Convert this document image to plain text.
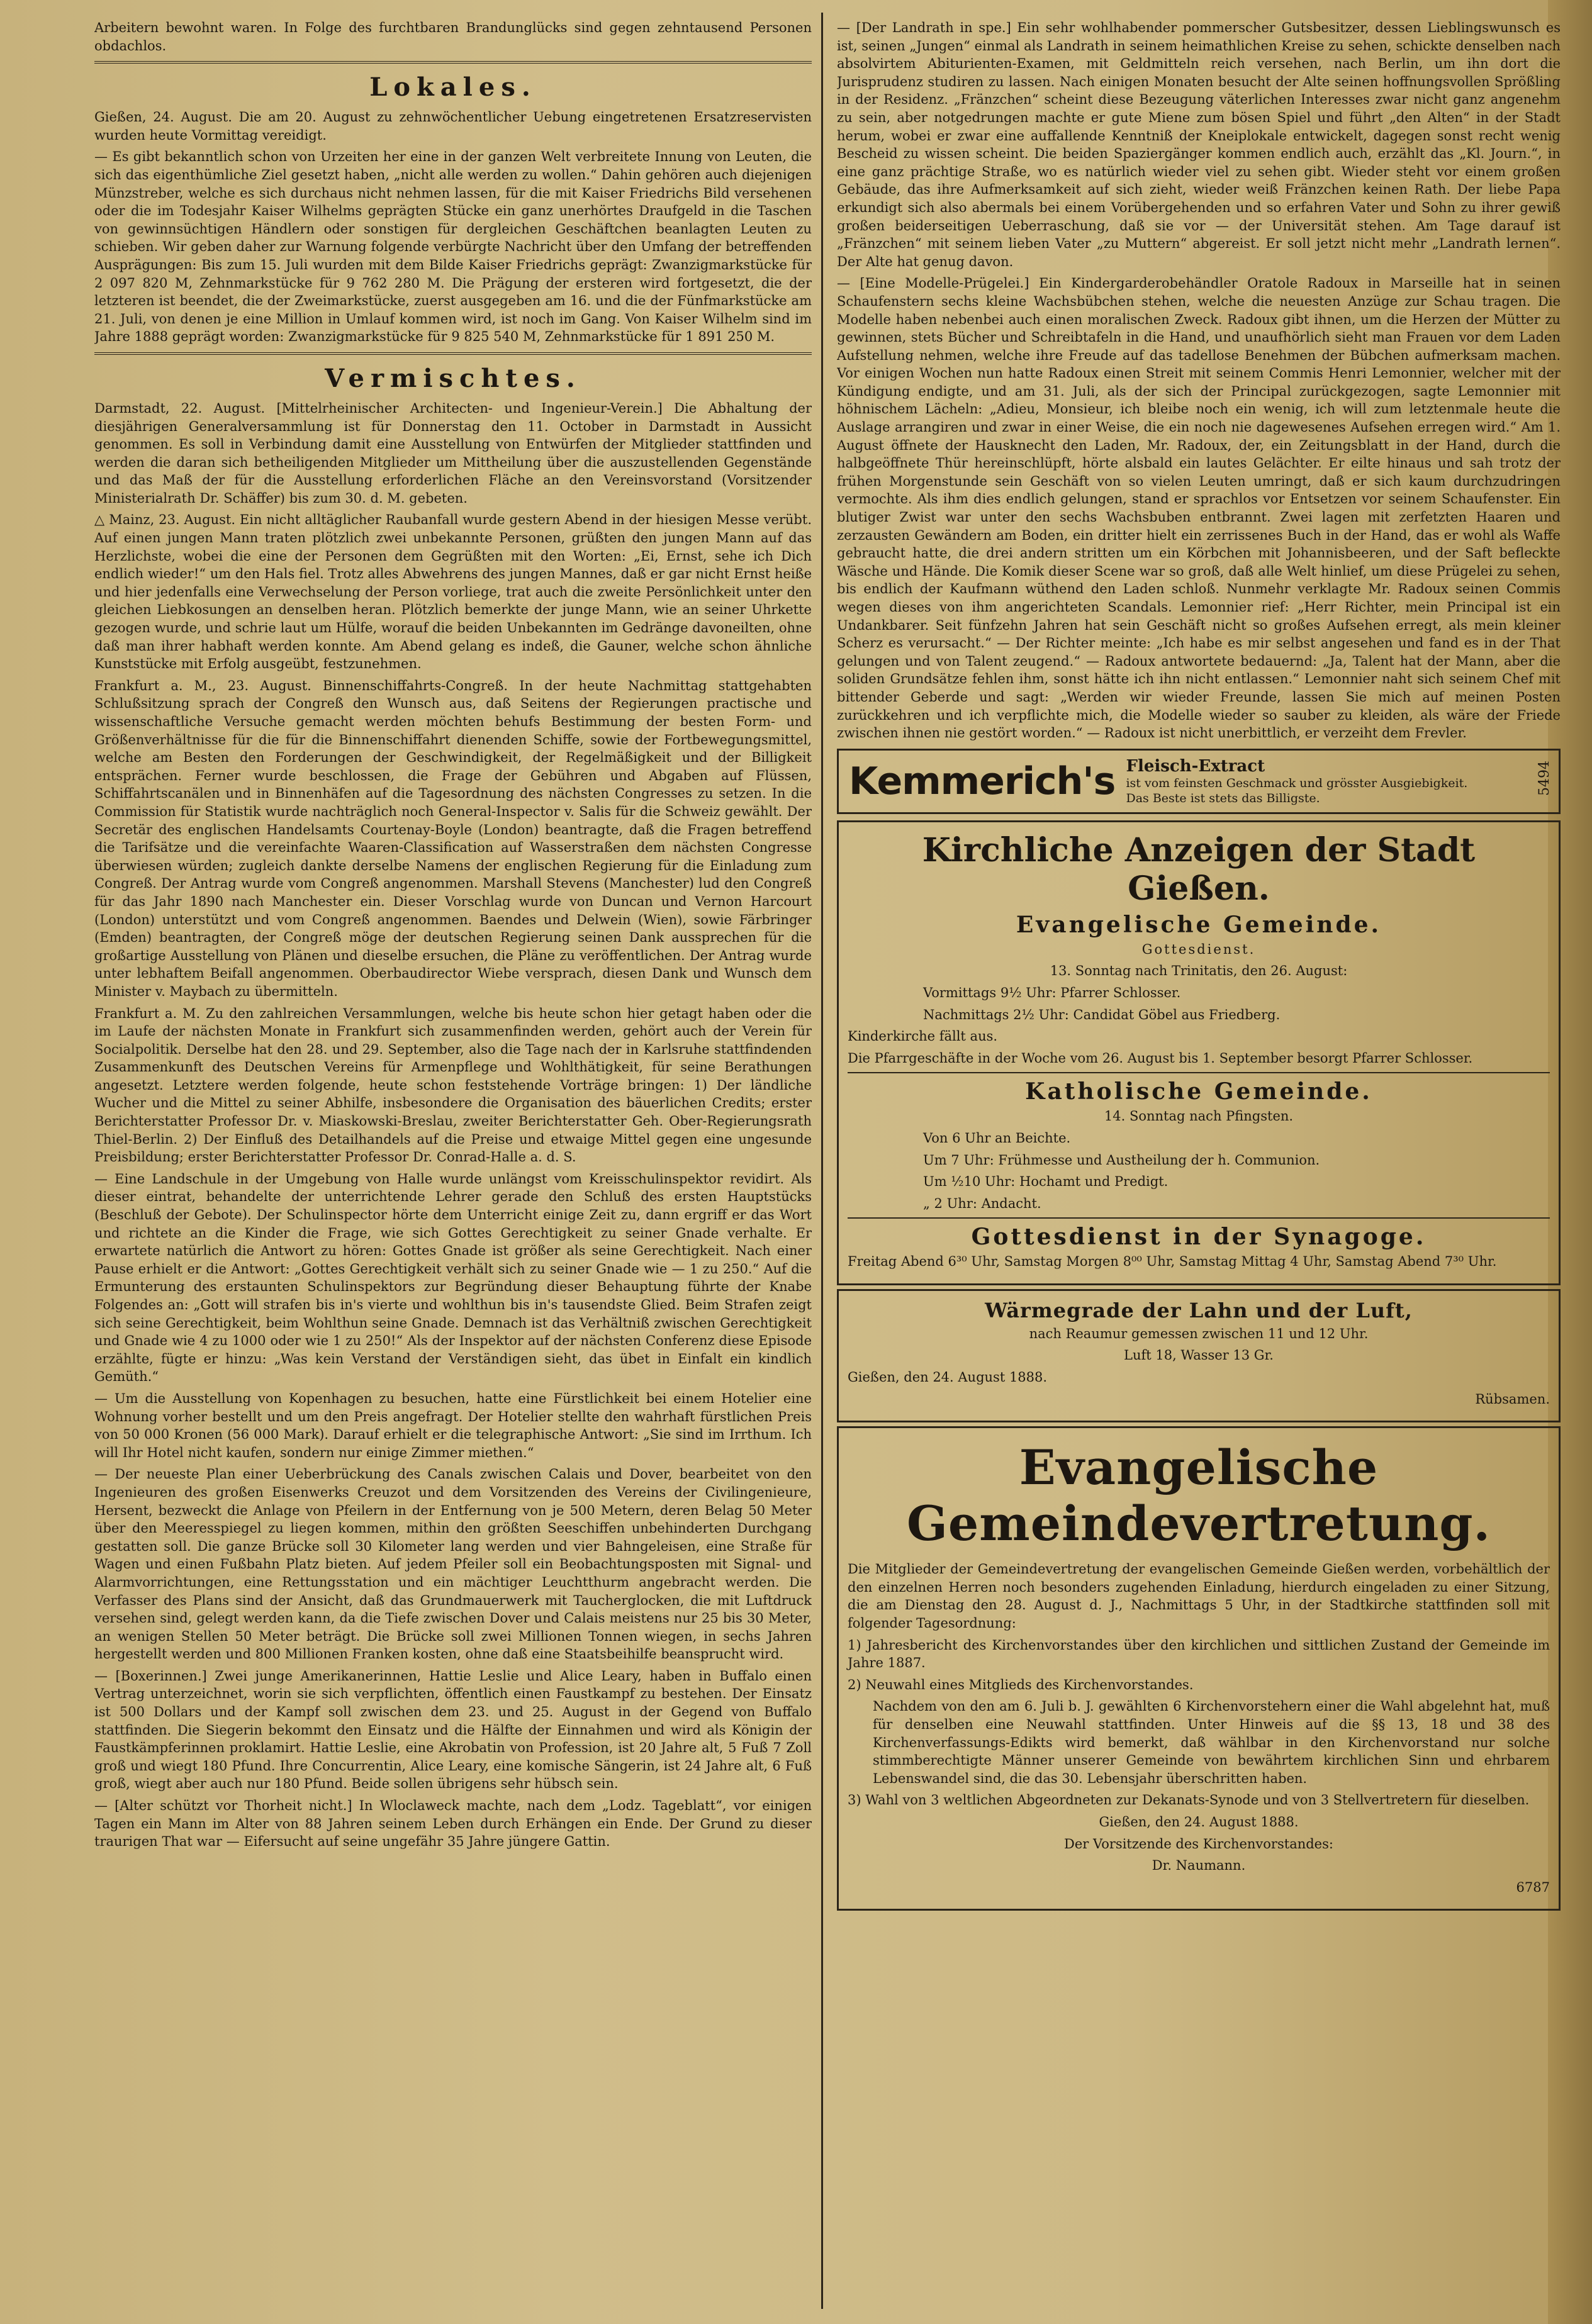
Arbeitern bewohnt waren. In Folge des furchtbaren Brandunglücks sind gegen zehntausend Personen obdachlos.

Lokales.

Gießen, 24. August. Die am 20. August zu zehnwöchentlicher Uebung eingetretenen Ersatzreservisten wurden heute Vormittag vereidigt.

— Es gibt bekanntlich schon von Urzeiten her eine in der ganzen Welt verbreitete Innung von Leuten, die sich das eigenthümliche Ziel gesetzt haben, „nicht alle werden zu wollen.“ Dahin gehören auch diejenigen Münzstreber, welche es sich durchaus nicht nehmen lassen, für die mit Kaiser Friedrichs Bild versehenen oder die im Todesjahr Kaiser Wilhelms geprägten Stücke ein ganz unerhörtes Draufgeld in die Taschen von gewinnsüchtigen Händlern oder sonstigen für dergleichen Geschäftchen beanlagten Leuten zu schieben. Wir geben daher zur Warnung folgende verbürgte Nachricht über den Umfang der betreffenden Ausprägungen: Bis zum 15. Juli wurden mit dem Bilde Kaiser Friedrichs geprägt: Zwanzigmarkstücke für 2 097 820 M, Zehnmarkstücke für 9 762 280 M. Die Prägung der ersteren wird fortgesetzt, die der letzteren ist beendet, die der Zweimarkstücke, zuerst ausgegeben am 16. und die der Fünfmarkstücke am 21. Juli, von denen je eine Million in Umlauf kommen wird, ist noch im Gang. Von Kaiser Wilhelm sind im Jahre 1888 geprägt worden: Zwanzigmarkstücke für 9 825 540 M, Zehnmarkstücke für 1 891 250 M.

Vermischtes.

Darmstadt, 22. August. [Mittelrheinischer Architecten- und Ingenieur-Verein.] Die Abhaltung der diesjährigen Generalversammlung ist für Donnerstag den 11. October in Darmstadt in Aussicht genommen. Es soll in Verbindung damit eine Ausstellung von Entwürfen der Mitglieder stattfinden und werden die daran sich betheiligenden Mitglieder um Mittheilung über die auszustellenden Gegenstände und das Maß der für die Ausstellung erforderlichen Fläche an den Vereinsvorstand (Vorsitzender Ministerialrath Dr. Schäffer) bis zum 30. d. M. gebeten.

△ Mainz, 23. August. Ein nicht alltäglicher Raubanfall wurde gestern Abend in der hiesigen Messe verübt. Auf einen jungen Mann traten plötzlich zwei unbekannte Personen, grüßten den jungen Mann auf das Herzlichste, wobei die eine der Personen dem Gegrüßten mit den Worten: „Ei, Ernst, sehe ich Dich endlich wieder!“ um den Hals fiel. Trotz alles Abwehrens des jungen Mannes, daß er gar nicht Ernst heiße und hier jedenfalls eine Verwechselung der Person vorliege, trat auch die zweite Persönlichkeit unter den gleichen Liebkosungen an denselben heran. Plötzlich bemerkte der junge Mann, wie an seiner Uhrkette gezogen wurde, und schrie laut um Hülfe, worauf die beiden Unbekannten im Gedränge davoneilten, ohne daß man ihrer habhaft werden konnte. Am Abend gelang es indeß, die Gauner, welche schon ähnliche Kunststücke mit Erfolg ausgeübt, festzunehmen.

Frankfurt a. M., 23. August. Binnenschiffahrts-Congreß. In der heute Nachmittag stattgehabten Schlußsitzung sprach der Congreß den Wunsch aus, daß Seitens der Regierungen practische und wissenschaftliche Versuche gemacht werden möchten behufs Bestimmung der besten Form- und Größenverhältnisse für die für die Binnenschiffahrt dienenden Schiffe, sowie der Fortbewegungsmittel, welche am Besten den Forderungen der Geschwindigkeit, der Regelmäßigkeit und der Billigkeit entsprächen. Ferner wurde beschlossen, die Frage der Gebühren und Abgaben auf Flüssen, Schiffahrtscanälen und in Binnenhäfen auf die Tagesordnung des nächsten Congresses zu setzen. In die Commission für Statistik wurde nachträglich noch General-Inspector v. Salis für die Schweiz gewählt. Der Secretär des englischen Handelsamts Courtenay-Boyle (London) beantragte, daß die Fragen betreffend die Tarifsätze und die vereinfachte Waaren-Classification auf Wasserstraßen dem nächsten Congresse überwiesen würden; zugleich dankte derselbe Namens der englischen Regierung für die Einladung zum Congreß. Der Antrag wurde vom Congreß angenommen. Marshall Stevens (Manchester) lud den Congreß für das Jahr 1890 nach Manchester ein. Dieser Vorschlag wurde von Duncan und Vernon Harcourt (London) unterstützt und vom Congreß angenommen. Baendes und Delwein (Wien), sowie Färbringer (Emden) beantragten, der Congreß möge der deutschen Regierung seinen Dank aussprechen für die großartige Ausstellung von Plänen und dieselbe ersuchen, die Pläne zu veröffentlichen. Der Antrag wurde unter lebhaftem Beifall angenommen. Oberbaudirector Wiebe versprach, diesen Dank und Wunsch dem Minister v. Maybach zu übermitteln.

Frankfurt a. M. Zu den zahlreichen Versammlungen, welche bis heute schon hier getagt haben oder die im Laufe der nächsten Monate in Frankfurt sich zusammenfinden werden, gehört auch der Verein für Socialpolitik. Derselbe hat den 28. und 29. September, also die Tage nach der in Karlsruhe stattfindenden Zusammenkunft des Deutschen Vereins für Armenpflege und Wohlthätigkeit, für seine Berathungen angesetzt. Letztere werden folgende, heute schon feststehende Vorträge bringen: 1) Der ländliche Wucher und die Mittel zu seiner Abhilfe, insbesondere die Organisation des bäuerlichen Credits; erster Berichterstatter Professor Dr. v. Miaskowski-Breslau, zweiter Berichterstatter Geh. Ober-Regierungsrath Thiel-Berlin. 2) Der Einfluß des Detailhandels auf die Preise und etwaige Mittel gegen eine ungesunde Preisbildung; erster Berichterstatter Professor Dr. Conrad-Halle a. d. S.

— Eine Landschule in der Umgebung von Halle wurde unlängst vom Kreisschulinspektor revidirt. Als dieser eintrat, behandelte der unterrichtende Lehrer gerade den Schluß des ersten Hauptstücks (Beschluß der Gebote). Der Schulinspector hörte dem Unterricht einige Zeit zu, dann ergriff er das Wort und richtete an die Kinder die Frage, wie sich Gottes Gerechtigkeit zu seiner Gnade verhalte. Er erwartete natürlich die Antwort zu hören: Gottes Gnade ist größer als seine Gerechtigkeit. Nach einer Pause erhielt er die Antwort: „Gottes Gerechtigkeit verhält sich zu seiner Gnade wie — 1 zu 250.“ Auf die Ermunterung des erstaunten Schulinspektors zur Begründung dieser Behauptung führte der Knabe Folgendes an: „Gott will strafen bis in's vierte und wohlthun bis in's tausendste Glied. Beim Strafen zeigt sich seine Gerechtigkeit, beim Wohlthun seine Gnade. Demnach ist das Verhältniß zwischen Gerechtigkeit und Gnade wie 4 zu 1000 oder wie 1 zu 250!“ Als der Inspektor auf der nächsten Conferenz diese Episode erzählte, fügte er hinzu: „Was kein Verstand der Verständigen sieht, das übet in Einfalt ein kindlich Gemüth.“

— Um die Ausstellung von Kopenhagen zu besuchen, hatte eine Fürstlichkeit bei einem Hotelier eine Wohnung vorher bestellt und um den Preis angefragt. Der Hotelier stellte den wahrhaft fürstlichen Preis von 50 000 Kronen (56 000 Mark). Darauf erhielt er die telegraphische Antwort: „Sie sind im Irrthum. Ich will Ihr Hotel nicht kaufen, sondern nur einige Zimmer miethen.“

— Der neueste Plan einer Ueberbrückung des Canals zwischen Calais und Dover, bearbeitet von den Ingenieuren des großen Eisenwerks Creuzot und dem Vorsitzenden des Vereins der Civilingenieure, Hersent, bezweckt die Anlage von Pfeilern in der Entfernung von je 500 Metern, deren Belag 50 Meter über den Meeresspiegel zu liegen kommen, mithin den größten Seeschiffen unbehinderten Durchgang gestatten soll. Die ganze Brücke soll 30 Kilometer lang werden und vier Bahngeleisen, eine Straße für Wagen und einen Fußbahn Platz bieten. Auf jedem Pfeiler soll ein Beobachtungsposten mit Signal- und Alarmvorrichtungen, eine Rettungsstation und ein mächtiger Leuchtthurm angebracht werden. Die Verfasser des Plans sind der Ansicht, daß das Grundmauerwerk mit Taucherglocken, die mit Luftdruck versehen sind, gelegt werden kann, da die Tiefe zwischen Dover und Calais meistens nur 25 bis 30 Meter, an wenigen Stellen 50 Meter beträgt. Die Brücke soll zwei Millionen Tonnen wiegen, in sechs Jahren hergestellt werden und 800 Millionen Franken kosten, ohne daß eine Staatsbeihilfe beansprucht wird.

— [Boxerinnen.] Zwei junge Amerikanerinnen, Hattie Leslie und Alice Leary, haben in Buffalo einen Vertrag unterzeichnet, worin sie sich verpflichten, öffentlich einen Faustkampf zu bestehen. Der Einsatz ist 500 Dollars und der Kampf soll zwischen dem 23. und 25. August in der Gegend von Buffalo stattfinden. Die Siegerin bekommt den Einsatz und die Hälfte der Einnahmen und wird als Königin der Faustkämpferinnen proklamirt. Hattie Leslie, eine Akrobatin von Profession, ist 20 Jahre alt, 5 Fuß 7 Zoll groß und wiegt 180 Pfund. Ihre Concurrentin, Alice Leary, eine komische Sängerin, ist 24 Jahre alt, 6 Fuß groß, wiegt aber auch nur 180 Pfund. Beide sollen übrigens sehr hübsch sein.

— [Alter schützt vor Thorheit nicht.] In Wloclaweck machte, nach dem „Lodz. Tageblatt“, vor einigen Tagen ein Mann im Alter von 88 Jahren seinem Leben durch Erhängen ein Ende. Der Grund zu dieser traurigen That war — Eifersucht auf seine ungefähr 35 Jahre jüngere Gattin.

— [Der Landrath in spe.] Ein sehr wohlhabender pommerscher Gutsbesitzer, dessen Lieblingswunsch es ist, seinen „Jungen“ einmal als Landrath in seinem heimathlichen Kreise zu sehen, schickte denselben nach absolvirtem Abiturienten-Examen, mit Geldmitteln reich versehen, nach Berlin, um ihn dort die Jurisprudenz studiren zu lassen. Nach einigen Monaten besucht der Alte seinen hoffnungsvollen Sprößling in der Residenz. „Fränzchen“ scheint diese Bezeugung väterlichen Interesses zwar nicht ganz angenehm zu sein, aber notgedrungen machte er gute Miene zum bösen Spiel und führt „den Alten“ in der Stadt herum, wobei er zwar eine auffallende Kenntniß der Kneiplokale entwickelt, dagegen sonst recht wenig Bescheid zu wissen scheint. Die beiden Spaziergänger kommen endlich auch, erzählt das „Kl. Journ.“, in eine ganz prächtige Straße, wo es natürlich wieder viel zu sehen gibt. Wieder steht vor einem großen Gebäude, das ihre Aufmerksamkeit auf sich zieht, wieder weiß Fränzchen keinen Rath. Der liebe Papa erkundigt sich also abermals bei einem Vorübergehenden und so erfahren Vater und Sohn zu ihrer gewiß großen beiderseitigen Ueberraschung, daß sie vor — der Universität stehen. Am Tage darauf ist „Fränzchen“ mit seinem lieben Vater „zu Muttern“ abgereist. Er soll jetzt nicht mehr „Landrath lernen“. Der Alte hat genug davon.

— [Eine Modelle-Prügelei.] Ein Kindergarderobehändler Oratole Radoux in Marseille hat in seinen Schaufenstern sechs kleine Wachsbübchen stehen, welche die neuesten Anzüge zur Schau tragen. Die Modelle haben nebenbei auch einen moralischen Zweck. Radoux gibt ihnen, um die Herzen der Mütter zu gewinnen, stets Bücher und Schreibtafeln in die Hand, und unaufhörlich sieht man Frauen vor dem Laden Aufstellung nehmen, welche ihre Freude auf das tadellose Benehmen der Bübchen aufmerksam machen. Vor einigen Wochen nun hatte Radoux einen Streit mit seinem Commis Henri Lemonnier, welcher mit der Kündigung endigte, und am 31. Juli, als der sich der Principal zurückgezogen, sagte Lemonnier mit höhnischem Lächeln: „Adieu, Monsieur, ich bleibe noch ein wenig, ich will zum letztenmale heute die Auslage arrangiren und zwar in einer Weise, die ein noch nie dagewesenes Aufsehen erregen wird.“ Am 1. August öffnete der Hausknecht den Laden, Mr. Radoux, der, ein Zeitungsblatt in der Hand, durch die halbgeöffnete Thür hereinschlüpft, hörte alsbald ein lautes Gelächter. Er eilte hinaus und sah trotz der frühen Morgenstunde sein Geschäft von so vielen Leuten umringt, daß er sich kaum durchzudringen vermochte. Als ihm dies endlich gelungen, stand er sprachlos vor Entsetzen vor seinem Schaufenster. Ein blutiger Zwist war unter den sechs Wachsbuben entbrannt. Zwei lagen mit zerfetzten Haaren und zerzausten Gewändern am Boden, ein dritter hielt ein zerrissenes Buch in der Hand, das er wohl als Waffe gebraucht hatte, die drei andern stritten um ein Körbchen mit Johannisbeeren, und der Saft befleckte Wäsche und Hände. Die Komik dieser Scene war so groß, daß alle Welt hinlief, um diese Prügelei zu sehen, bis endlich der Kaufmann wüthend den Laden schloß. Nunmehr verklagte Mr. Radoux seinen Commis wegen dieses von ihm angerichteten Scandals. Lemonnier rief: „Herr Richter, mein Principal ist ein Undankbarer. Seit fünfzehn Jahren hat sein Geschäft nicht so großes Aufsehen erregt, als mein kleiner Scherz es verursacht.“ — Der Richter meinte: „Ich habe es mir selbst angesehen und fand es in der That gelungen und von Talent zeugend.“ — Radoux antwortete bedauernd: „Ja, Talent hat der Mann, aber die soliden Grundsätze fehlen ihm, sonst hätte ich ihn nicht entlassen.“ Lemonnier naht sich seinem Chef mit bittender Geberde und sagt: „Werden wir wieder Freunde, lassen Sie mich auf meinen Posten zurückkehren und ich verpflichte mich, die Modelle wieder so sauber zu kleiden, als wäre der Friede zwischen ihnen nie gestört worden.“ — Radoux ist nicht unerbittlich, er verzeiht dem Frevler.

Kemmerich's Fleisch-Extract
ist vom feinsten Geschmack und grösster Ausgiebigkeit. Das Beste ist stets das Billigste.
5494
Kirchliche Anzeigen der Stadt Gießen.
Evangelische Gemeinde.

Gottesdienst.

13. Sonntag nach Trinitatis, den 26. August:

Vormittags 9½ Uhr: Pfarrer Schlosser.

Nachmittags 2½ Uhr: Candidat Göbel aus Friedberg.

Kinderkirche fällt aus.

Die Pfarrgeschäfte in der Woche vom 26. August bis 1. September besorgt Pfarrer Schlosser.

Katholische Gemeinde.

14. Sonntag nach Pfingsten.

Von 6 Uhr an Beichte.

Um 7 Uhr: Frühmesse und Austheilung der h. Communion.

Um ½10 Uhr: Hochamt und Predigt.

„ 2 Uhr: Andacht.

Gottesdienst in der Synagoge.

Freitag Abend 6³⁰ Uhr, Samstag Morgen 8⁰⁰ Uhr, Samstag Mittag 4 Uhr, Samstag Abend 7³⁰ Uhr.

Wärmegrade der Lahn und der Luft,

nach Reaumur gemessen zwischen 11 und 12 Uhr.

Luft 18, Wasser 13 Gr.

Gießen, den 24. August 1888.

Rübsamen.

Evangelische Gemeindevertretung.

Die Mitglieder der Gemeindevertretung der evangelischen Gemeinde Gießen werden, vorbehältlich der den einzelnen Herren noch besonders zugehenden Einladung, hierdurch eingeladen zu einer Sitzung, die am Dienstag den 28. August d. J., Nachmittags 5 Uhr, in der Stadtkirche stattfinden soll mit folgender Tagesordnung:

1) Jahresbericht des Kirchenvorstandes über den kirchlichen und sittlichen Zustand der Gemeinde im Jahre 1887.

2) Neuwahl eines Mitglieds des Kirchenvorstandes.

Nachdem von den am 6. Juli b. J. gewählten 6 Kirchenvorstehern einer die Wahl abgelehnt hat, muß für denselben eine Neuwahl stattfinden. Unter Hinweis auf die §§ 13, 18 und 38 des Kirchenverfassungs-Edikts wird bemerkt, daß wählbar in den Kirchenvorstand nur solche stimmberechtigte Männer unserer Gemeinde von bewährtem kirchlichen Sinn und ehrbarem Lebenswandel sind, die das 30. Lebensjahr überschritten haben.

3) Wahl von 3 weltlichen Abgeordneten zur Dekanats-Synode und von 3 Stellvertretern für dieselben.

Gießen, den 24. August 1888.

Der Vorsitzende des Kirchenvorstandes:

Dr. Naumann.

6787
